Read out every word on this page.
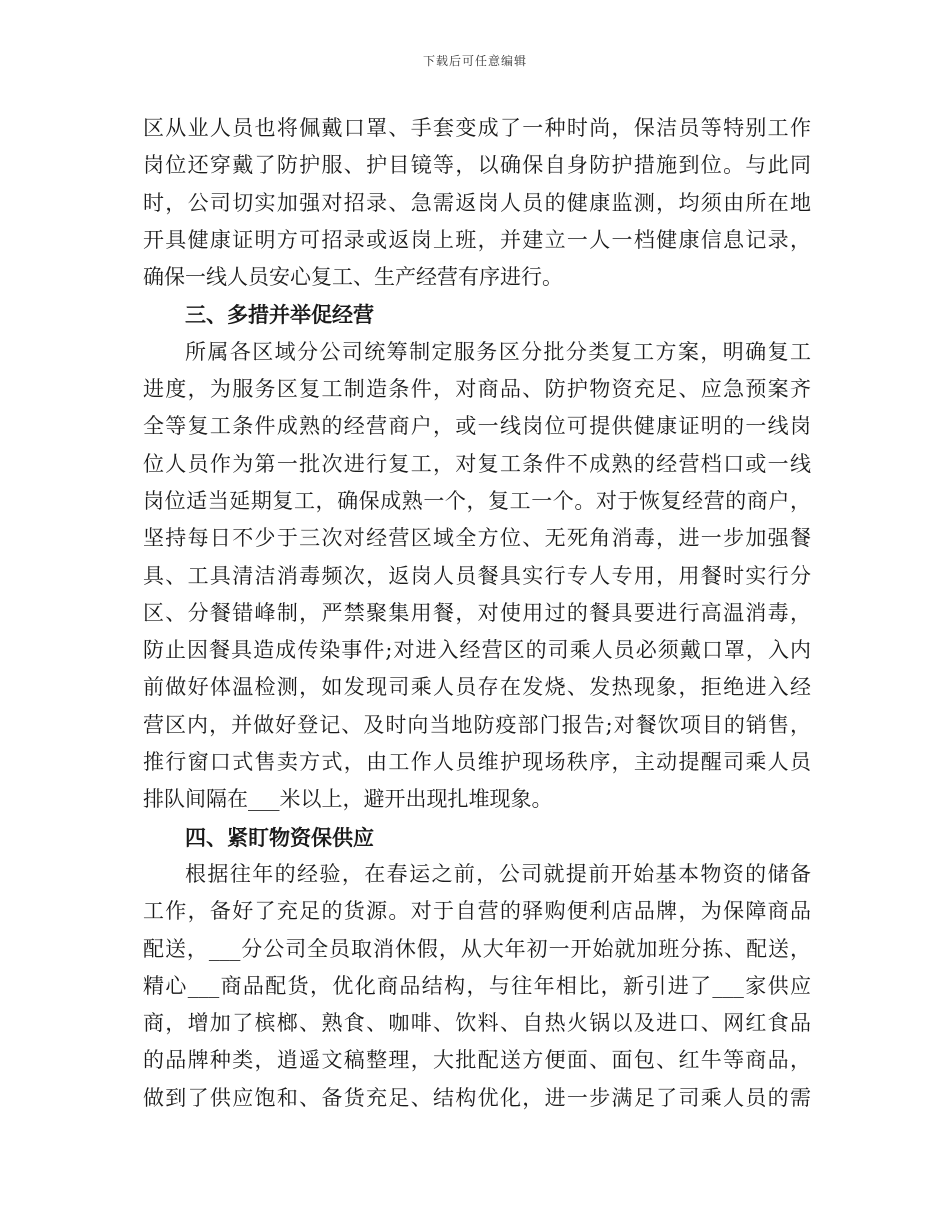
下载后可任意编辑
区从业人员也将佩戴口罩、手套变成了一种时尚，保洁员等特别工作
岗位还穿戴了防护服、护目镜等，以确保自身防护措施到位。与此同
时，公司切实加强对招录、急需返岗人员的健康监测，均须由所在地
开具健康证明方可招录或返岗上班，并建立一人一档健康信息记录，
确保一线人员安心复工、生产经营有序进行。
三、多措并举促经营
所属各区域分公司统筹制定服务区分批分类复工方案，明确复工
进度，为服务区复工制造条件，对商品、防护物资充足、应急预案齐
全等复工条件成熟的经营商户，或一线岗位可提供健康证明的一线岗
位人员作为第一批次进行复工，对复工条件不成熟的经营档口或一线
岗位适当延期复工，确保成熟一个，复工一个。对于恢复经营的商户，
坚持每日不少于三次对经营区域全方位、无死角消毒，进一步加强餐
具、工具清洁消毒频次，返岗人员餐具实行专人专用，用餐时实行分
区、分餐错峰制，严禁聚集用餐，对使用过的餐具要进行高温消毒，
防止因餐具造成传染事件;对进入经营区的司乘人员必须戴口罩，入内
前做好体温检测，如发现司乘人员存在发烧、发热现象，拒绝进入经
营区内，并做好登记、及时向当地防疫部门报告;对餐饮项目的销售，
推行窗口式售卖方式，由工作人员维护现场秩序，主动提醒司乘人员
排队间隔在___米以上，避开出现扎堆现象。
四、紧盯物资保供应
根据往年的经验，在春运之前，公司就提前开始基本物资的储备
工作，备好了充足的货源。对于自营的驿购便利店品牌，为保障商品
配送，___分公司全员取消休假，从大年初一开始就加班分拣、配送，
精心___商品配货，优化商品结构，与往年相比，新引进了___家供应
商，增加了槟榔、熟食、咖啡、饮料、自热火锅以及进口、网红食品
的品牌种类，逍遥文稿整理，大批配送方便面、面包、红牛等商品，
做到了供应饱和、备货充足、结构优化，进一步满足了司乘人员的需
